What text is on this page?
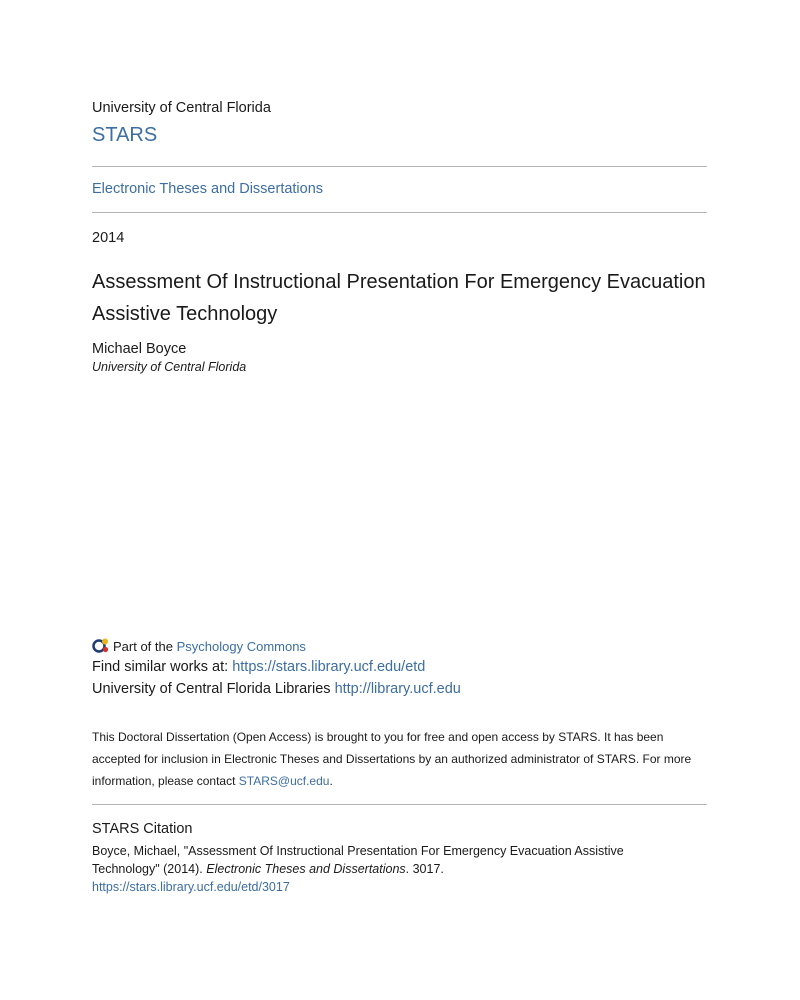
University of Central Florida
STARS
Electronic Theses and Dissertations
2014
Assessment Of Instructional Presentation For Emergency Evacuation Assistive Technology
Michael Boyce
University of Central Florida
Part of the
Psychology Commons
Find similar works at: https://stars.library.ucf.edu/etd
University of Central Florida Libraries http://library.ucf.edu
This Doctoral Dissertation (Open Access) is brought to you for free and open access by STARS. It has been accepted for inclusion in Electronic Theses and Dissertations by an authorized administrator of STARS. For more information, please contact STARS@ucf.edu.
STARS Citation
Boyce, Michael, "Assessment Of Instructional Presentation For Emergency Evacuation Assistive Technology" (2014). Electronic Theses and Dissertations. 3017.
https://stars.library.ucf.edu/etd/3017
